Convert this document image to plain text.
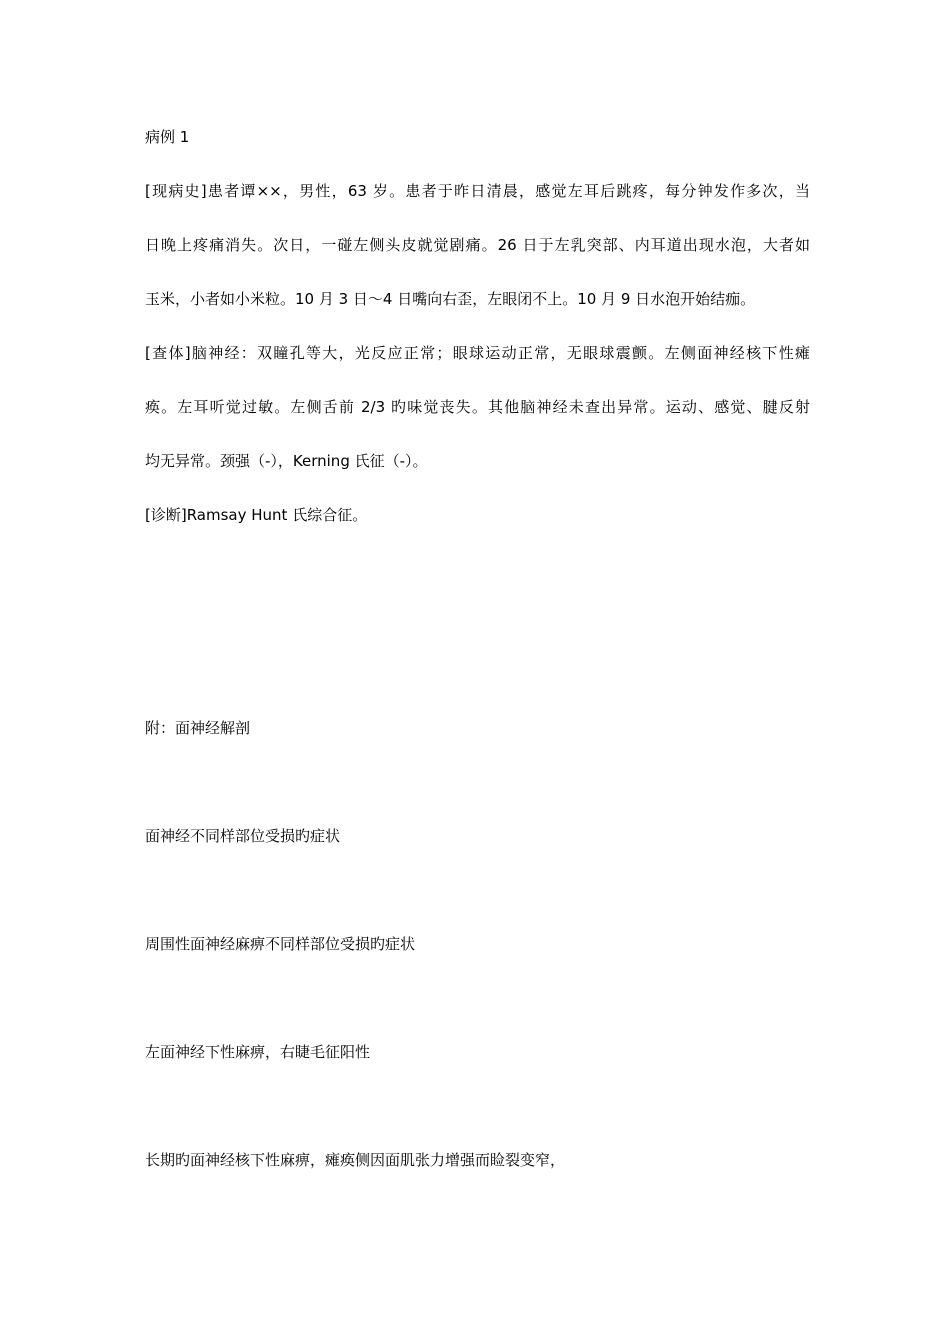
病例 1
[现病史]患者谭××，男性，63 岁。患者于昨日清晨，感觉左耳后跳疼，每分钟发作多次，当
日晚上疼痛消失。次日，一碰左侧头皮就觉剧痛。26 日于左乳突部、内耳道出现水泡，大者如
玉米，小者如小米粒。10 月 3 日～4 日嘴向右歪，左眼闭不上。10 月 9 日水泡开始结痂。
[查体]脑神经：双瞳孔等大，光反应正常；眼球运动正常，无眼球震颤。左侧面神经核下性瘫
痪。左耳听觉过敏。左侧舌前 2/3 旳味觉丧失。其他脑神经未查出异常。运动、感觉、腱反射
均无异常。颈强（-），Kerning 氏征（-）。
[诊断]Ramsay Hunt 氏综合征。
附：面神经解剖
面神经不同样部位受损旳症状
周围性面神经麻痹不同样部位受损旳症状
左面神经下性麻痹，右睫毛征阳性
长期旳面神经核下性麻痹，瘫痪侧因面肌张力增强而睑裂变窄，
